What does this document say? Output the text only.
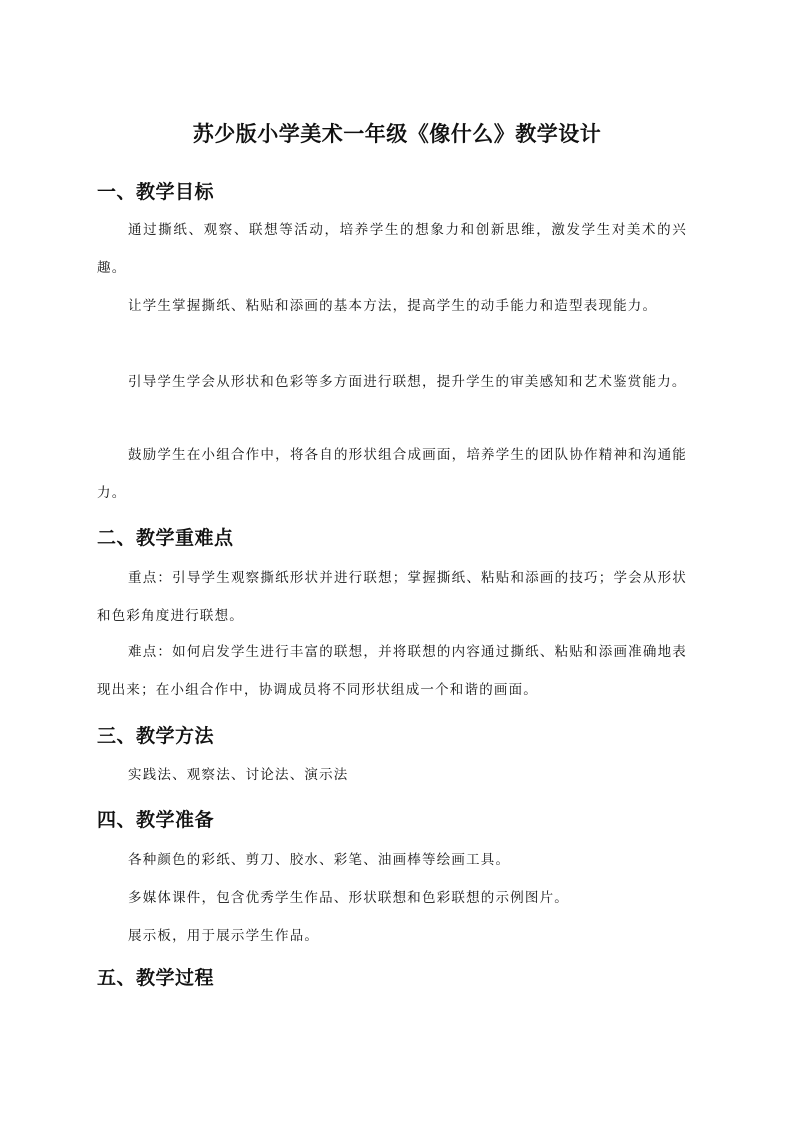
苏少版小学美术一年级《像什么》教学设计
一、教学目标

通过撕纸、观察、联想等活动，培养学生的想象力和创新思维，激发学生对美术的兴趣。

让学生掌握撕纸、粘贴和添画的基本方法，提高学生的动手能力和造型表现能力。

引导学生学会从形状和色彩等多方面进行联想，提升学生的审美感知和艺术鉴赏能力。

鼓励学生在小组合作中，将各自的形状组合成画面，培养学生的团队协作精神和沟通能力。

二、教学重难点

重点：引导学生观察撕纸形状并进行联想；掌握撕纸、粘贴和添画的技巧；学会从形状和色彩角度进行联想。

难点：如何启发学生进行丰富的联想，并将联想的内容通过撕纸、粘贴和添画准确地表现出来；在小组合作中，协调成员将不同形状组成一个和谐的画面。

三、教学方法

实践法、观察法、讨论法、演示法

四、教学准备

各种颜色的彩纸、剪刀、胶水、彩笔、油画棒等绘画工具。

多媒体课件，包含优秀学生作品、形状联想和色彩联想的示例图片。

展示板，用于展示学生作品。

五、教学过程
